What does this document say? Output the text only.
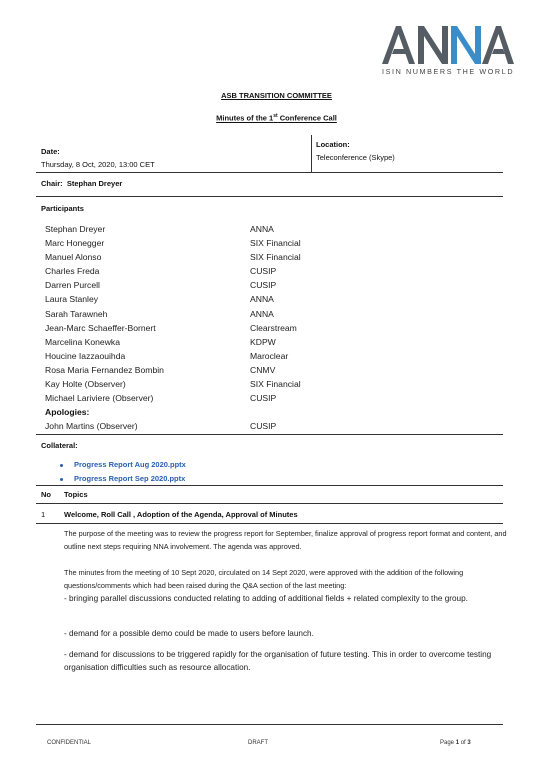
ISIN NUMBERS THE WORLD
ASB TRANSITION COMMITTEE
Minutes of the 1st Conference Call
Date:
Thursday, 8 Oct, 2020, 13:00 CET
Location:
Teleconference (Skype)
Chair: Stephan Dreyer
Participants
Stephan Dreyer	ANNA
Marc Honegger	SIX Financial
Manuel Alonso	SIX Financial
Charles Freda	CUSIP
Darren Purcell	CUSIP
Laura Stanley	ANNA
Sarah Tarawneh	ANNA
Jean-Marc Schaeffer-Bornert	Clearstream
Marcelina Konewka	KDPW
Houcine Iazzaouihda	Maroclear
Rosa Maria Fernandez Bombin	CNMV
Kay Holte (Observer)	SIX Financial
Michael Lariviere (Observer)	CUSIP
Apologies:
John Martins (Observer)	CUSIP
Collateral:
Progress Report Aug 2020.pptx
Progress Report Sep 2020.pptx
No Topics
1	Welcome, Roll Call , Adoption of the Agenda, Approval of Minutes
The purpose of the meeting was to review the progress report for September, finalize approval of progress report format and content, and outline next steps requiring NNA involvement. The agenda was approved.
The minutes from the meeting of 10 Sept 2020, circulated on 14 Sept 2020, were approved with the addition of the following questions/comments which had been raised during the Q&A section of the last meeting:
- bringing parallel discussions conducted relating to adding of additional fields + related complexity to the group.
- demand for a possible demo could be made to users before launch.
- demand for discussions to be triggered rapidly for the organisation of future testing. This in order to overcome testing organisation difficulties such as resource allocation.
CONFIDENTIAL	DRAFT	Page 1 of 3
